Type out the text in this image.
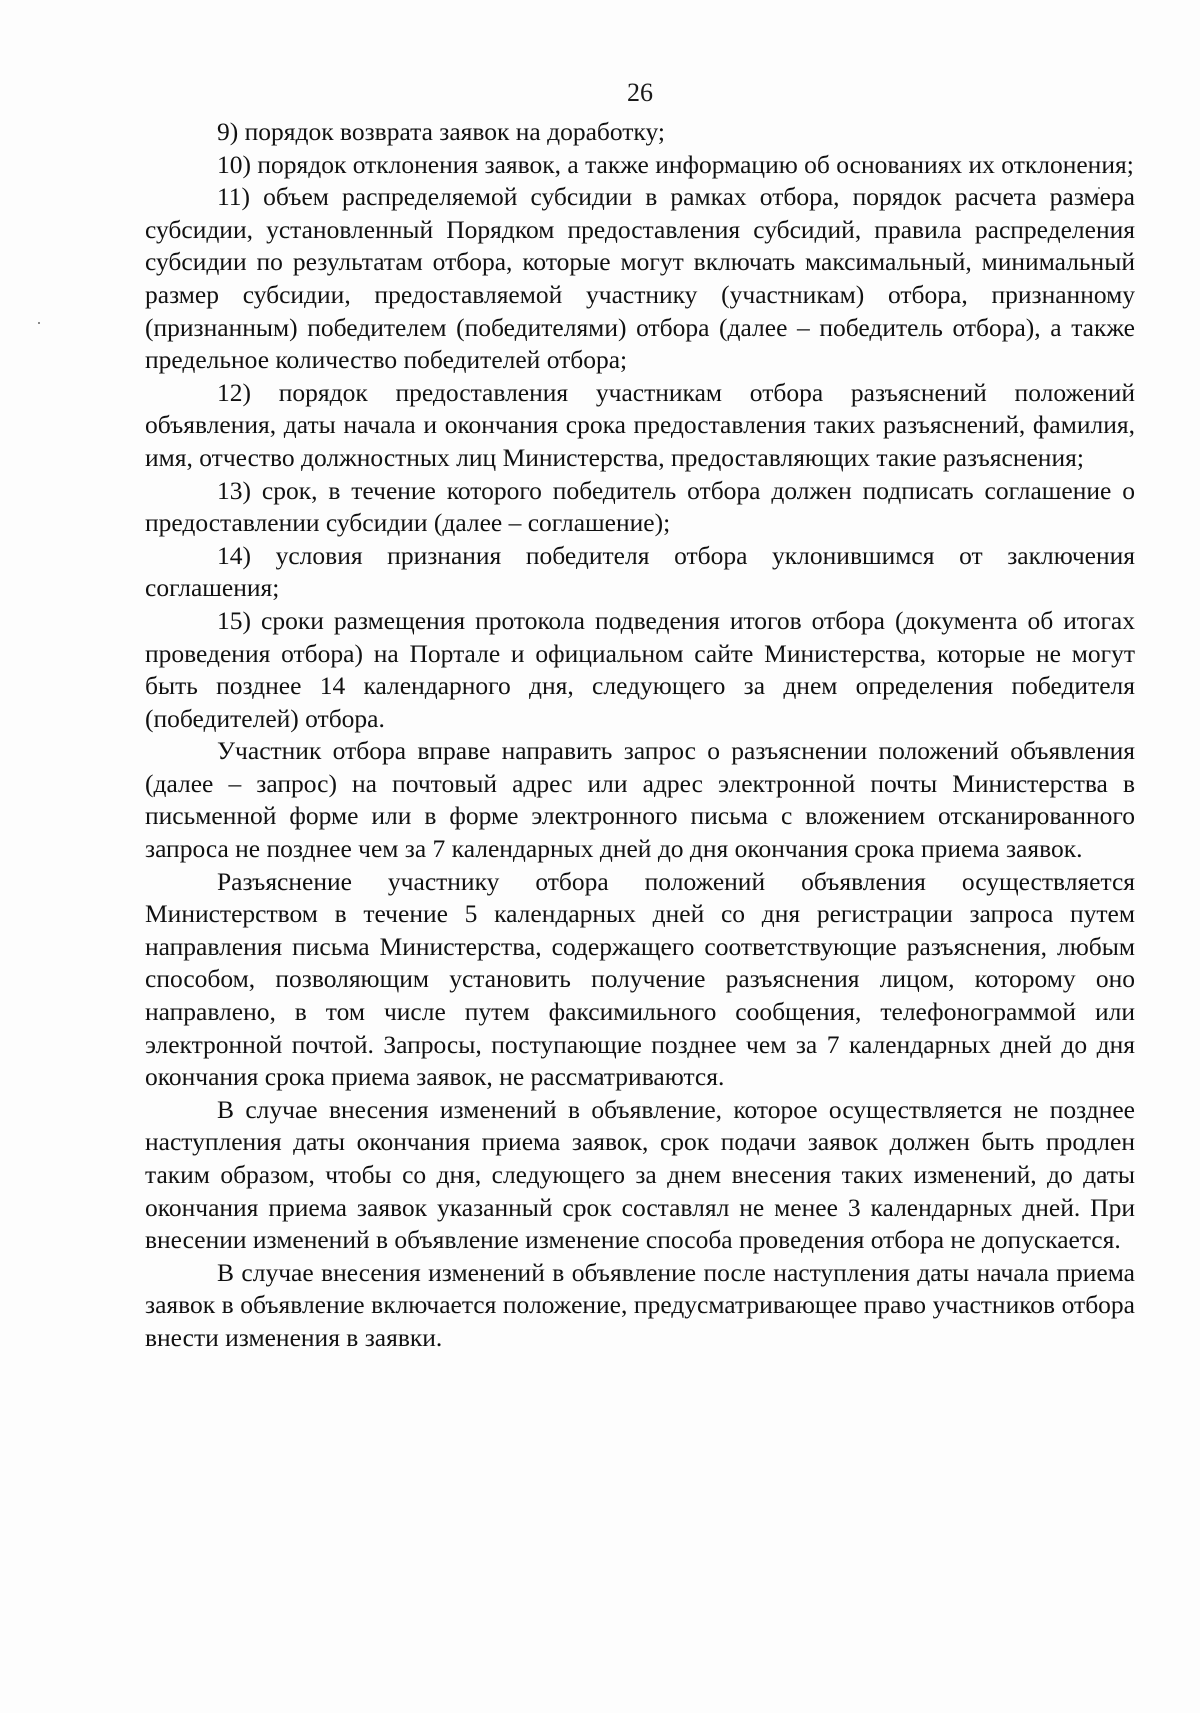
26

9) порядок возврата заявок на доработку;

10) порядок отклонения заявок, а также информацию об основаниях их отклонения;

11) объем распределяемой субсидии в рамках отбора, порядок расчета размера субсидии, установленный Порядком предоставления субсидий, правила распределения субсидии по результатам отбора, которые могут включать максимальный, минимальный размер субсидии, предоставляемой участнику (участникам) отбора, признанному (признанным) победителем (победителями) отбора (далее – победитель отбора), а также предельное количество победителей отбора;

12) порядок предоставления участникам отбора разъяснений положений объявления, даты начала и окончания срока предоставления таких разъяснений, фамилия, имя, отчество должностных лиц Министерства, предоставляющих такие разъяснения;

13) срок, в течение которого победитель отбора должен подписать соглашение о предоставлении субсидии (далее – соглашение);

14) условия признания победителя отбора уклонившимся от заключения соглашения;

15) сроки размещения протокола подведения итогов отбора (документа об итогах проведения отбора) на Портале и официальном сайте Министерства, которые не могут быть позднее 14 календарного дня, следующего за днем определения победителя (победителей) отбора.

Участник отбора вправе направить запрос о разъяснении положений объявления (далее – запрос) на почтовый адрес или адрес электронной почты Министерства в письменной форме или в форме электронного письма с вложением отсканированного запроса не позднее чем за 7 календарных дней до дня окончания срока приема заявок.

Разъяснение участнику отбора положений объявления осуществляется Министерством в течение 5 календарных дней со дня регистрации запроса путем направления письма Министерства, содержащего соответствующие разъяснения, любым способом, позволяющим установить получение разъяснения лицом, которому оно направлено, в том числе путем факсимильного сообщения, телефонограммой или электронной почтой. Запросы, поступающие позднее чем за 7 календарных дней до дня окончания срока приема заявок, не рассматриваются.

В случае внесения изменений в объявление, которое осуществляется не позднее наступления даты окончания приема заявок, срок подачи заявок должен быть продлен таким образом, чтобы со дня, следующего за днем внесения таких изменений, до даты окончания приема заявок указанный срок составлял не менее 3 календарных дней. При внесении изменений в объявление изменение способа проведения отбора не допускается.

В случае внесения изменений в объявление после наступления даты начала приема заявок в объявление включается положение, предусматривающее право участников отбора внести изменения в заявки.
